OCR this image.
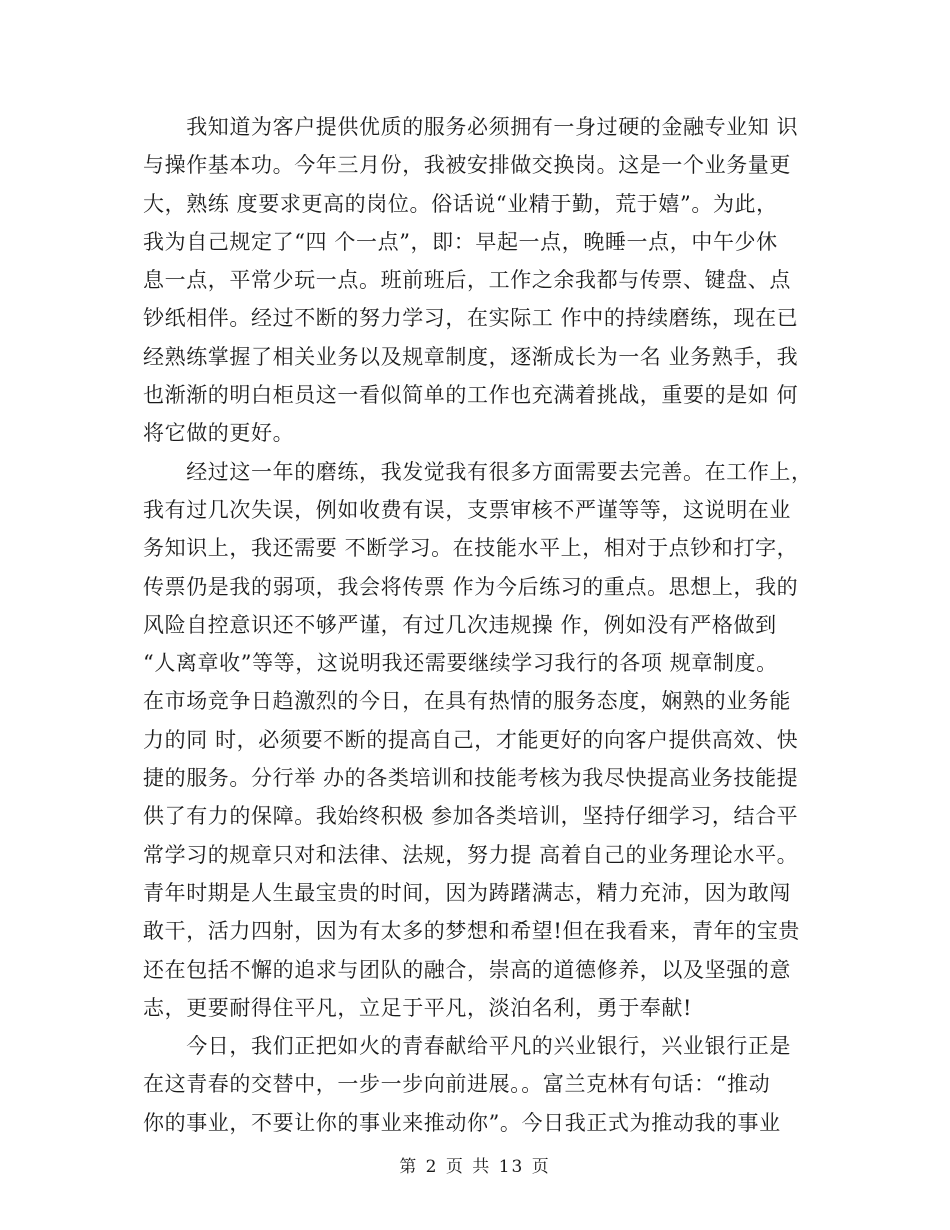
　　我知道为客户提供优质的服务必须拥有一身过硬的金融专业知 识
与操作基本功。今年三月份，我被安排做交换岗。这是一个业务量更
大，熟练 度要求更高的岗位。俗话说“业精于勤，荒于嬉”。为此，
我为自己规定了“四 个一点”，即：早起一点，晚睡一点，中午少休
息一点，平常少玩一点。班前班后，工作之余我都与传票、键盘、点
钞纸相伴。经过不断的努力学习，在实际工 作中的持续磨练，现在已
经熟练掌握了相关业务以及规章制度，逐渐成长为一名 业务熟手，我
也渐渐的明白柜员这一看似简单的工作也充满着挑战，重要的是如 何
将它做的更好。
　　经过这一年的磨练，我发觉我有很多方面需要去完善。在工作上，
我有过几次失误，例如收费有误，支票审核不严谨等等，这说明在业
务知识上，我还需要 不断学习。在技能水平上，相对于点钞和打字，
传票仍是我的弱项，我会将传票 作为今后练习的重点。思想上，我的
风险自控意识还不够严谨，有过几次违规操 作，例如没有严格做到
“人离章收”等等，这说明我还需要继续学习我行的各项 规章制度。
在市场竞争日趋激烈的今日，在具有热情的服务态度，娴熟的业务能
力的同 时，必须要不断的提高自己，才能更好的向客户提供高效、快
捷的服务。分行举 办的各类培训和技能考核为我尽快提高业务技能提
供了有力的保障。我始终积极 参加各类培训，坚持仔细学习，结合平
常学习的规章只对和法律、法规，努力提 高着自己的业务理论水平。
青年时期是人生最宝贵的时间，因为踌躇满志，精力充沛，因为敢闯
敢干，活力四射，因为有太多的梦想和希望!但在我看来，青年的宝贵
还在包括不懈的追求与团队的融合，崇高的道德修养，以及坚强的意
志，更要耐得住平凡，立足于平凡，淡泊名利，勇于奉献!
　　今日，我们正把如火的青春献给平凡的兴业银行，兴业银行正是
在这青春的交替中，一步一步向前进展。。富兰克林有句话：“推动
你的事业，不要让你的事业来推动你”。今日我正式为推动我的事业
第 2 页 共 13 页
